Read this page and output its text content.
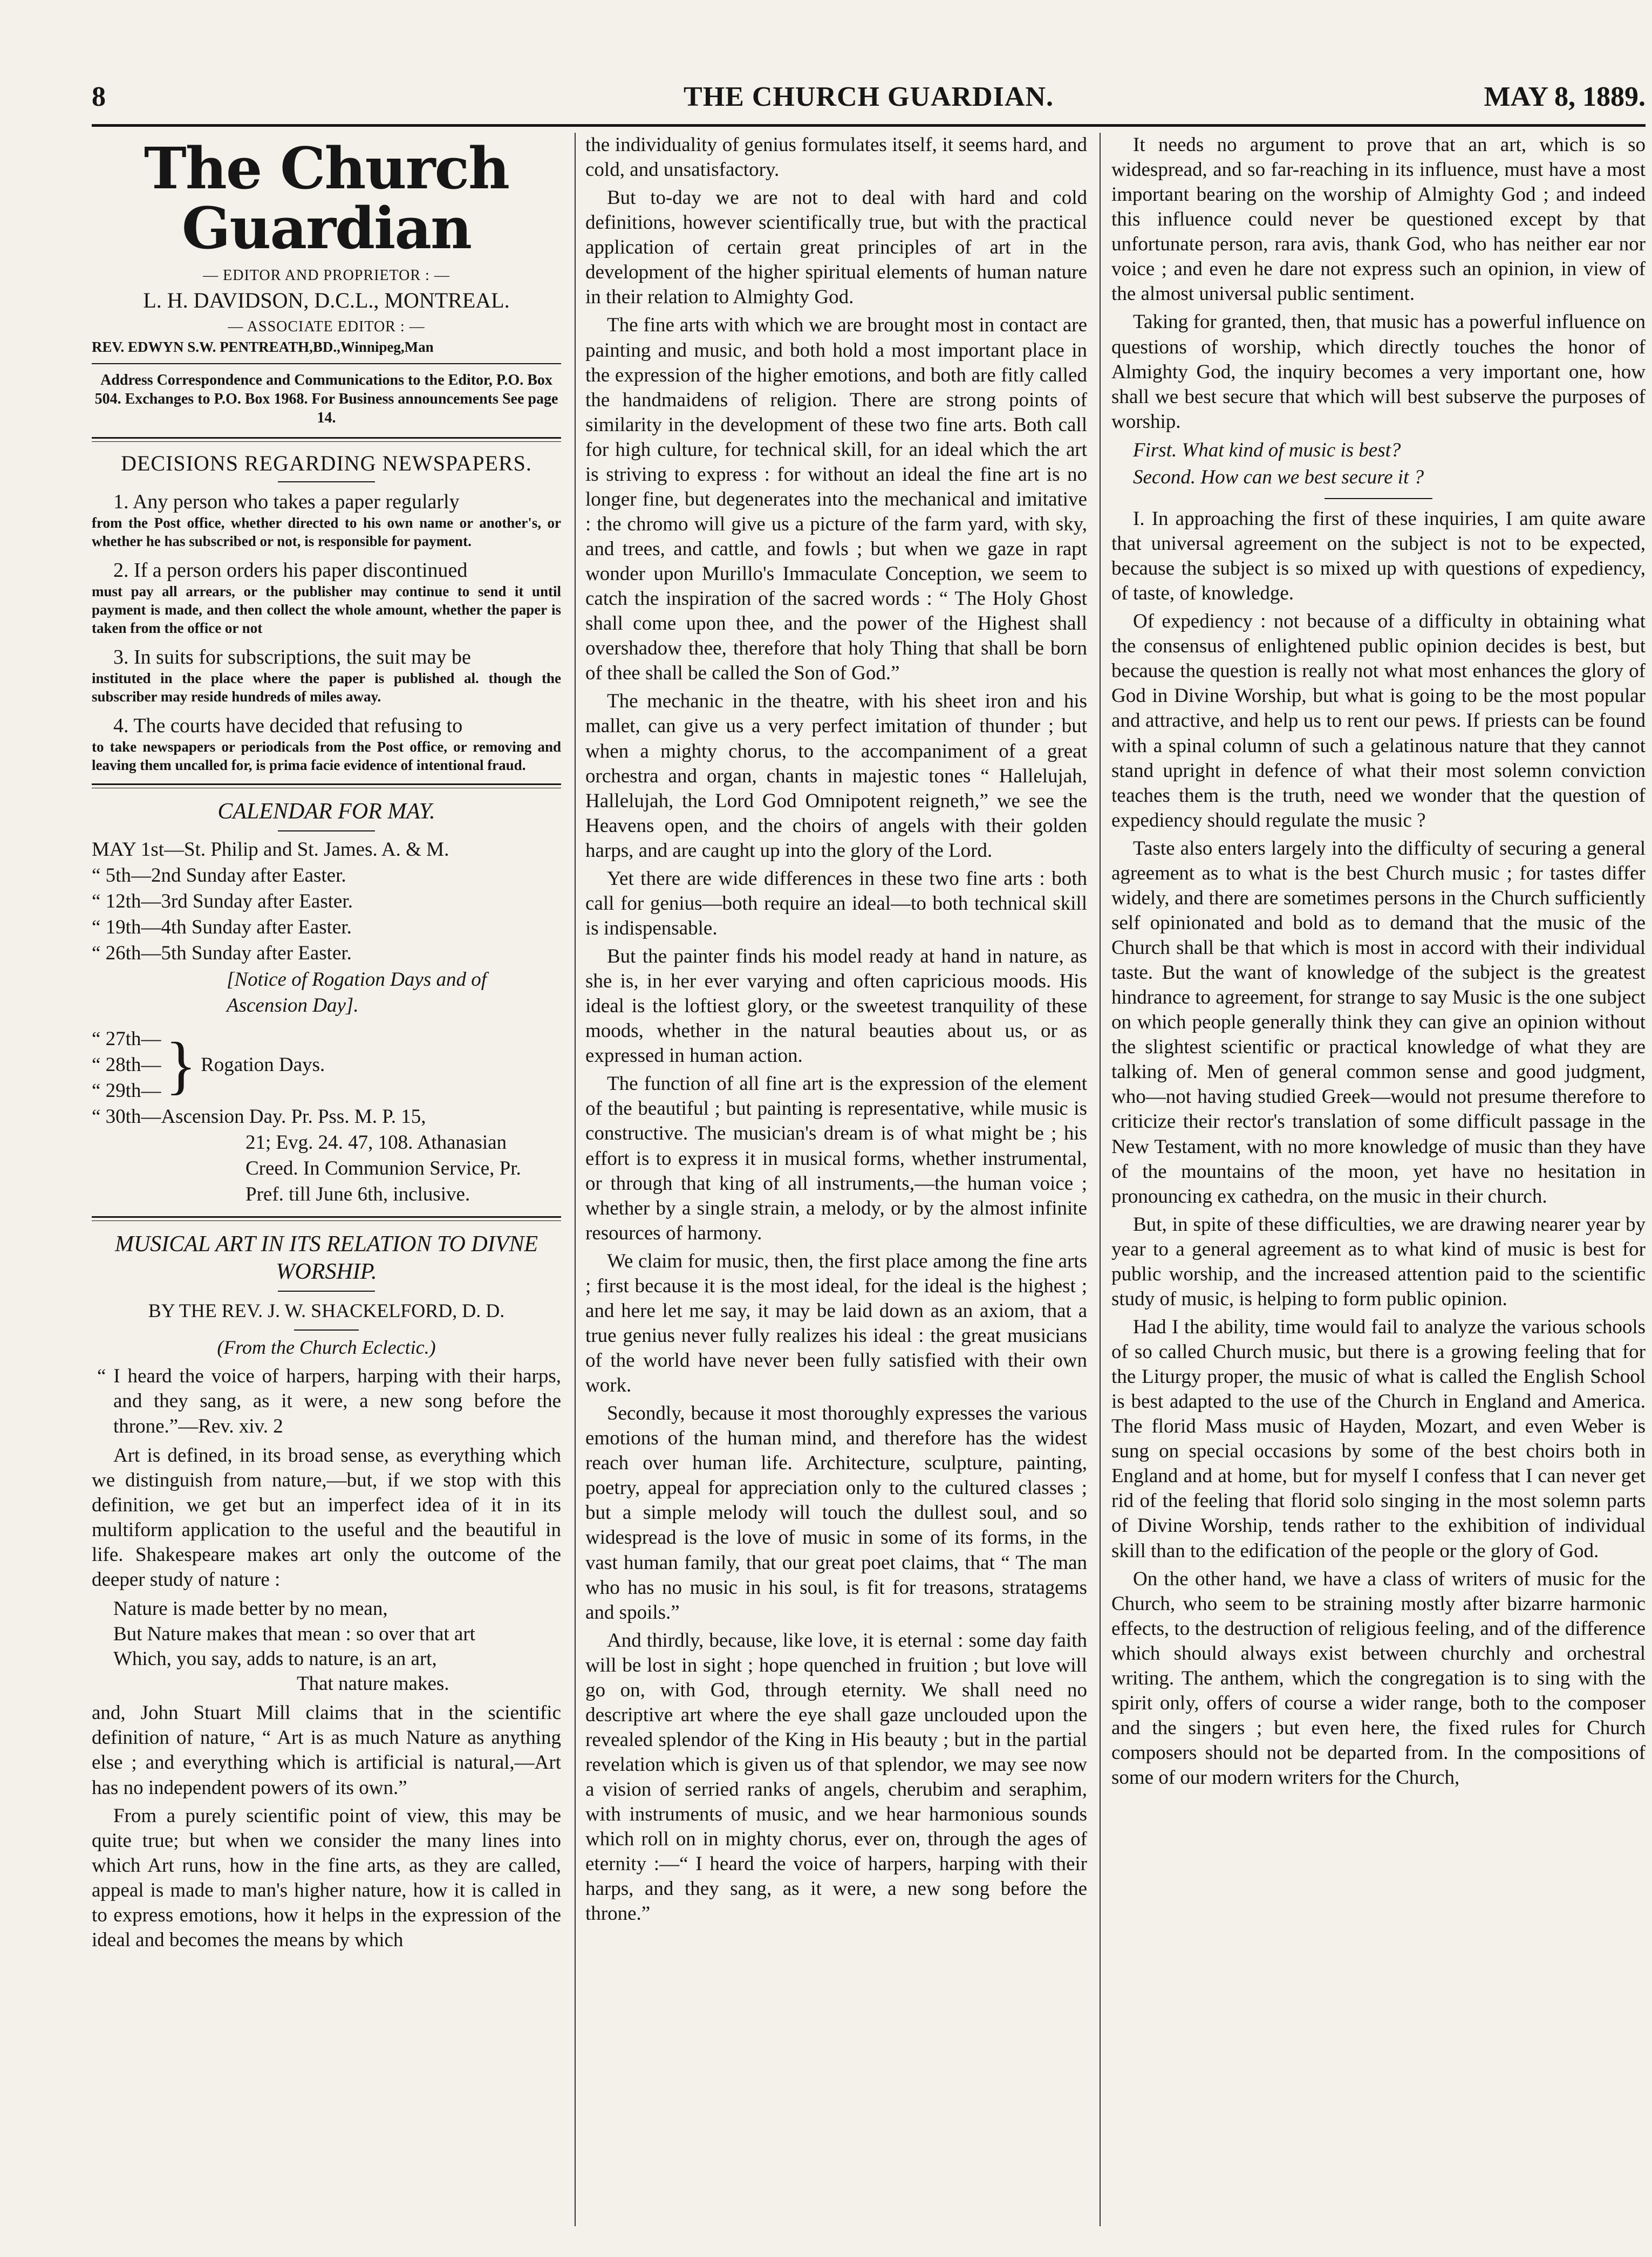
8	THE CHURCH GUARDIAN.	MAY 8, 1889.
The Church Guardian
— EDITOR AND PROPRIETOR : —
L. H. DAVIDSON, D.C.L., MONTREAL.
— ASSOCIATE EDITOR : —
REV. EDWYN S.W. PENTREATH,BD.,Winnipeg,Man
Address Correspondence and Communications to the Editor, P.O. Box 504. Exchanges to P.O. Box 1968. For Business announcements See page 14.
DECISIONS REGARDING NEWSPAPERS.

1. Any person who takes a paper regularly

from the Post office, whether directed to his own name or another's, or whether he has subscribed or not, is responsible for payment.

2. If a person orders his paper discontinued

must pay all arrears, or the publisher may continue to send it until payment is made, and then collect the whole amount, whether the paper is taken from the office or not

3. In suits for subscriptions, the suit may be

instituted in the place where the paper is published al. though the subscriber may reside hundreds of miles away.

4. The courts have decided that refusing to

to take newspapers or periodicals from the Post office, or removing and leaving them uncalled for, is prima facie evidence of intentional fraud.

CALENDAR FOR MAY.

MAY 1st—St. Philip and St. James. A. & M.

“ 5th—2nd Sunday after Easter.

“ 12th—3rd Sunday after Easter.

“ 19th—4th Sunday after Easter.

“ 26th—5th Sunday after Easter.

[Notice of Rogation Days and of Ascension Day].

“ 27th—

“ 28th—

“ 29th— } Rogation Days.

“ 30th—Ascension Day. Pr. Pss. M. P. 15,

21; Evg. 24. 47, 108. Athanasian Creed. In Communion Service, Pr. Pref. till June 6th, inclusive.

MUSICAL ART IN ITS RELATION TO DIVNE WORSHIP.
BY THE REV. J. W. SHACKELFORD, D. D.
(From the Church Eclectic.)
“ I heard the voice of harpers, harping with their harps, and they sang, as it were, a new song before the throne.”—Rev. xiv. 2

Art is defined, in its broad sense, as everything which we distinguish from nature,—but, if we stop with this definition, we get but an imperfect idea of it in its multiform application to the useful and the beautiful in life. Shakespeare makes art only the outcome of the deeper study of nature :

Nature is made better by no mean,
But Nature makes that mean : so over that art
Which, you say, adds to nature, is an art,
That nature makes.

and, John Stuart Mill claims that in the scientific definition of nature, “ Art is as much Nature as anything else ; and everything which is artificial is natural,—Art has no independent powers of its own.”

From a purely scientific point of view, this may be quite true; but when we consider the many lines into which Art runs, how in the fine arts, as they are called, appeal is made to man's higher nature, how it is called in to express emotions, how it helps in the expression of the ideal and becomes the means by which

the individuality of genius formulates itself, it seems hard, and cold, and unsatisfactory.

But to-day we are not to deal with hard and cold definitions, however scientifically true, but with the practical application of certain great principles of art in the development of the higher spiritual elements of human nature in their relation to Almighty God.

The fine arts with which we are brought most in contact are painting and music, and both hold a most important place in the expression of the higher emotions, and both are fitly called the handmaidens of religion. There are strong points of similarity in the development of these two fine arts. Both call for high culture, for technical skill, for an ideal which the art is striving to express : for without an ideal the fine art is no longer fine, but degenerates into the mechanical and imitative : the chromo will give us a picture of the farm yard, with sky, and trees, and cattle, and fowls ; but when we gaze in rapt wonder upon Murillo's Immaculate Conception, we seem to catch the inspiration of the sacred words : “ The Holy Ghost shall come upon thee, and the power of the Highest shall overshadow thee, therefore that holy Thing that shall be born of thee shall be called the Son of God.”

The mechanic in the theatre, with his sheet iron and his mallet, can give us a very perfect imitation of thunder ; but when a mighty chorus, to the accompaniment of a great orchestra and organ, chants in majestic tones “ Hallelujah, Hallelujah, the Lord God Omnipotent reigneth,” we see the Heavens open, and the choirs of angels with their golden harps, and are caught up into the glory of the Lord.

Yet there are wide differences in these two fine arts : both call for genius—both require an ideal—to both technical skill is indispensable.

But the painter finds his model ready at hand in nature, as she is, in her ever varying and often capricious moods. His ideal is the loftiest glory, or the sweetest tranquility of these moods, whether in the natural beauties about us, or as expressed in human action.

The function of all fine art is the expression of the element of the beautiful ; but painting is representative, while music is constructive. The musician's dream is of what might be ; his effort is to express it in musical forms, whether instrumental, or through that king of all instruments,—the human voice ; whether by a single strain, a melody, or by the almost infinite resources of harmony.

We claim for music, then, the first place among the fine arts ; first because it is the most ideal, for the ideal is the highest ; and here let me say, it may be laid down as an axiom, that a true genius never fully realizes his ideal : the great musicians of the world have never been fully satisfied with their own work.

Secondly, because it most thoroughly expresses the various emotions of the human mind, and therefore has the widest reach over human life. Architecture, sculpture, painting, poetry, appeal for appreciation only to the cultured classes ; but a simple melody will touch the dullest soul, and so widespread is the love of music in some of its forms, in the vast human family, that our great poet claims, that “ The man who has no music in his soul, is fit for treasons, stratagems and spoils.”

And thirdly, because, like love, it is eternal : some day faith will be lost in sight ; hope quenched in fruition ; but love will go on, with God, through eternity. We shall need no descriptive art where the eye shall gaze unclouded upon the revealed splendor of the King in His beauty ; but in the partial revelation which is given us of that splendor, we may see now a vision of serried ranks of angels, cherubim and seraphim, with instruments of music, and we hear harmonious sounds which roll on in mighty chorus, ever on, through the ages of eternity :—“ I heard the voice of harpers, harping with their harps, and they sang, as it were, a new song before the throne.”

It needs no argument to prove that an art, which is so widespread, and so far-reaching in its influence, must have a most important bearing on the worship of Almighty God ; and indeed this influence could never be questioned except by that unfortunate person, rara avis, thank God, who has neither ear nor voice ; and even he dare not express such an opinion, in view of the almost universal public sentiment.

Taking for granted, then, that music has a powerful influence on questions of worship, which directly touches the honor of Almighty God, the inquiry becomes a very important one, how shall we best secure that which will best subserve the purposes of worship.

First. What kind of music is best?

Second. How can we best secure it ?

I. In approaching the first of these inquiries, I am quite aware that universal agreement on the subject is not to be expected, because the subject is so mixed up with questions of expediency, of taste, of knowledge.

Of expediency : not because of a difficulty in obtaining what the consensus of enlightened public opinion decides is best, but because the question is really not what most enhances the glory of God in Divine Worship, but what is going to be the most popular and attractive, and help us to rent our pews. If priests can be found with a spinal column of such a gelatinous nature that they cannot stand upright in defence of what their most solemn conviction teaches them is the truth, need we wonder that the question of expediency should regulate the music ?

Taste also enters largely into the difficulty of securing a general agreement as to what is the best Church music ; for tastes differ widely, and there are sometimes persons in the Church sufficiently self opinionated and bold as to demand that the music of the Church shall be that which is most in accord with their individual taste. But the want of knowledge of the subject is the greatest hindrance to agreement, for strange to say Music is the one subject on which people generally think they can give an opinion without the slightest scientific or practical knowledge of what they are talking of. Men of general common sense and good judgment, who—not having studied Greek—would not presume therefore to criticize their rector's translation of some difficult passage in the New Testament, with no more knowledge of music than they have of the mountains of the moon, yet have no hesitation in pronouncing ex cathedra, on the music in their church.

But, in spite of these difficulties, we are drawing nearer year by year to a general agreement as to what kind of music is best for public worship, and the increased attention paid to the scientific study of music, is helping to form public opinion.

Had I the ability, time would fail to analyze the various schools of so called Church music, but there is a growing feeling that for the Liturgy proper, the music of what is called the English School is best adapted to the use of the Church in England and America. The florid Mass music of Hayden, Mozart, and even Weber is sung on special occasions by some of the best choirs both in England and at home, but for myself I confess that I can never get rid of the feeling that florid solo singing in the most solemn parts of Divine Worship, tends rather to the exhibition of individual skill than to the edification of the people or the glory of God.

On the other hand, we have a class of writers of music for the Church, who seem to be straining mostly after bizarre harmonic effects, to the destruction of religious feeling, and of the difference which should always exist between churchly and orchestral writing. The anthem, which the congregation is to sing with the spirit only, offers of course a wider range, both to the composer and the singers ; but even here, the fixed rules for Church composers should not be departed from. In the compositions of some of our modern writers for the Church,
